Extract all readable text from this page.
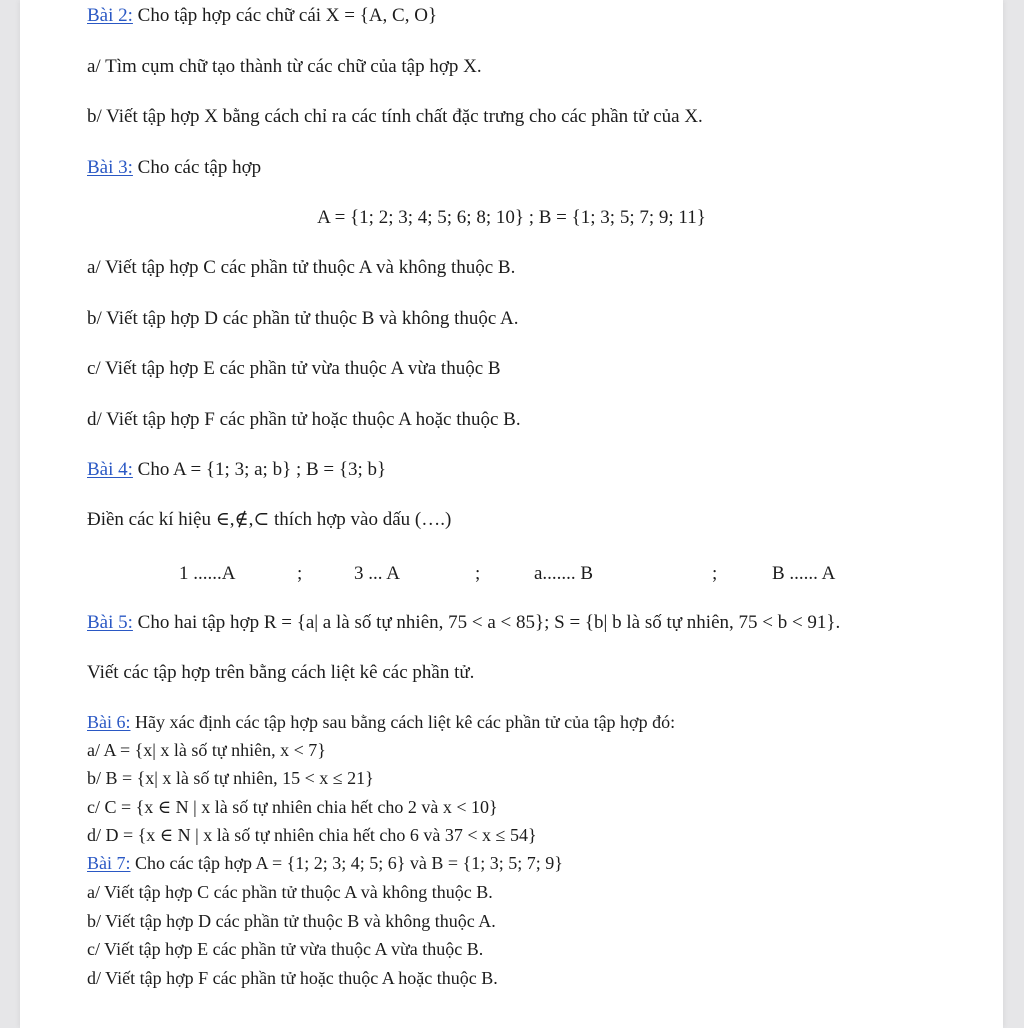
Bài 2: Cho tập hợp các chữ cái X = {A, C, O}
a/ Tìm cụm chữ tạo thành từ các chữ của tập hợp X.
b/ Viết tập hợp X bằng cách chỉ ra các tính chất đặc trưng cho các phần tử của X.
Bài 3: Cho các tập hợp
A = {1; 2; 3; 4; 5; 6; 8; 10} ; B = {1; 3; 5; 7; 9; 11}
a/ Viết tập hợp C các phần tử thuộc A và không thuộc B.
b/ Viết tập hợp D các phần tử thuộc B và không thuộc A.
c/ Viết tập hợp E các phần tử vừa thuộc A vừa thuộc B
d/ Viết tập hợp F các phần tử hoặc thuộc A hoặc thuộc B.
Bài 4: Cho A = {1; 3; a; b} ; B = {3; b}
Điền các kí hiệu ∈,∉,⊂ thích hợp vào dấu (….)
1 ......A	;	3 ... A	;	a....... B	;	B ...... A
Bài 5: Cho hai tập hợp R = {a| a là số tự nhiên, 75 < a < 85}; S = {b| b là số tự nhiên, 75 < b < 91}.
Viết các tập hợp trên bằng cách liệt kê các phần tử.
Bài 6: Hãy xác định các tập hợp sau bằng cách liệt kê các phần tử của tập hợp đó:
a/ A = {x| x là số tự nhiên, x < 7}
b/ B = {x| x là số tự nhiên, 15 < x ≤ 21}
c/ C = {x ∈ N | x là số tự nhiên chia hết cho 2 và x < 10}
d/ D = {x ∈ N | x là số tự nhiên chia hết cho 6 và 37 < x ≤ 54}
Bài 7: Cho các tập hợp A = {1; 2; 3; 4; 5; 6} và B = {1; 3; 5; 7; 9}
a/ Viết tập hợp C các phần tử thuộc A và không thuộc B.
b/ Viết tập hợp D các phần tử thuộc B và không thuộc A.
c/ Viết tập hợp E các phần tử vừa thuộc A vừa thuộc B.
d/ Viết tập hợp F các phần tử hoặc thuộc A hoặc thuộc B.
